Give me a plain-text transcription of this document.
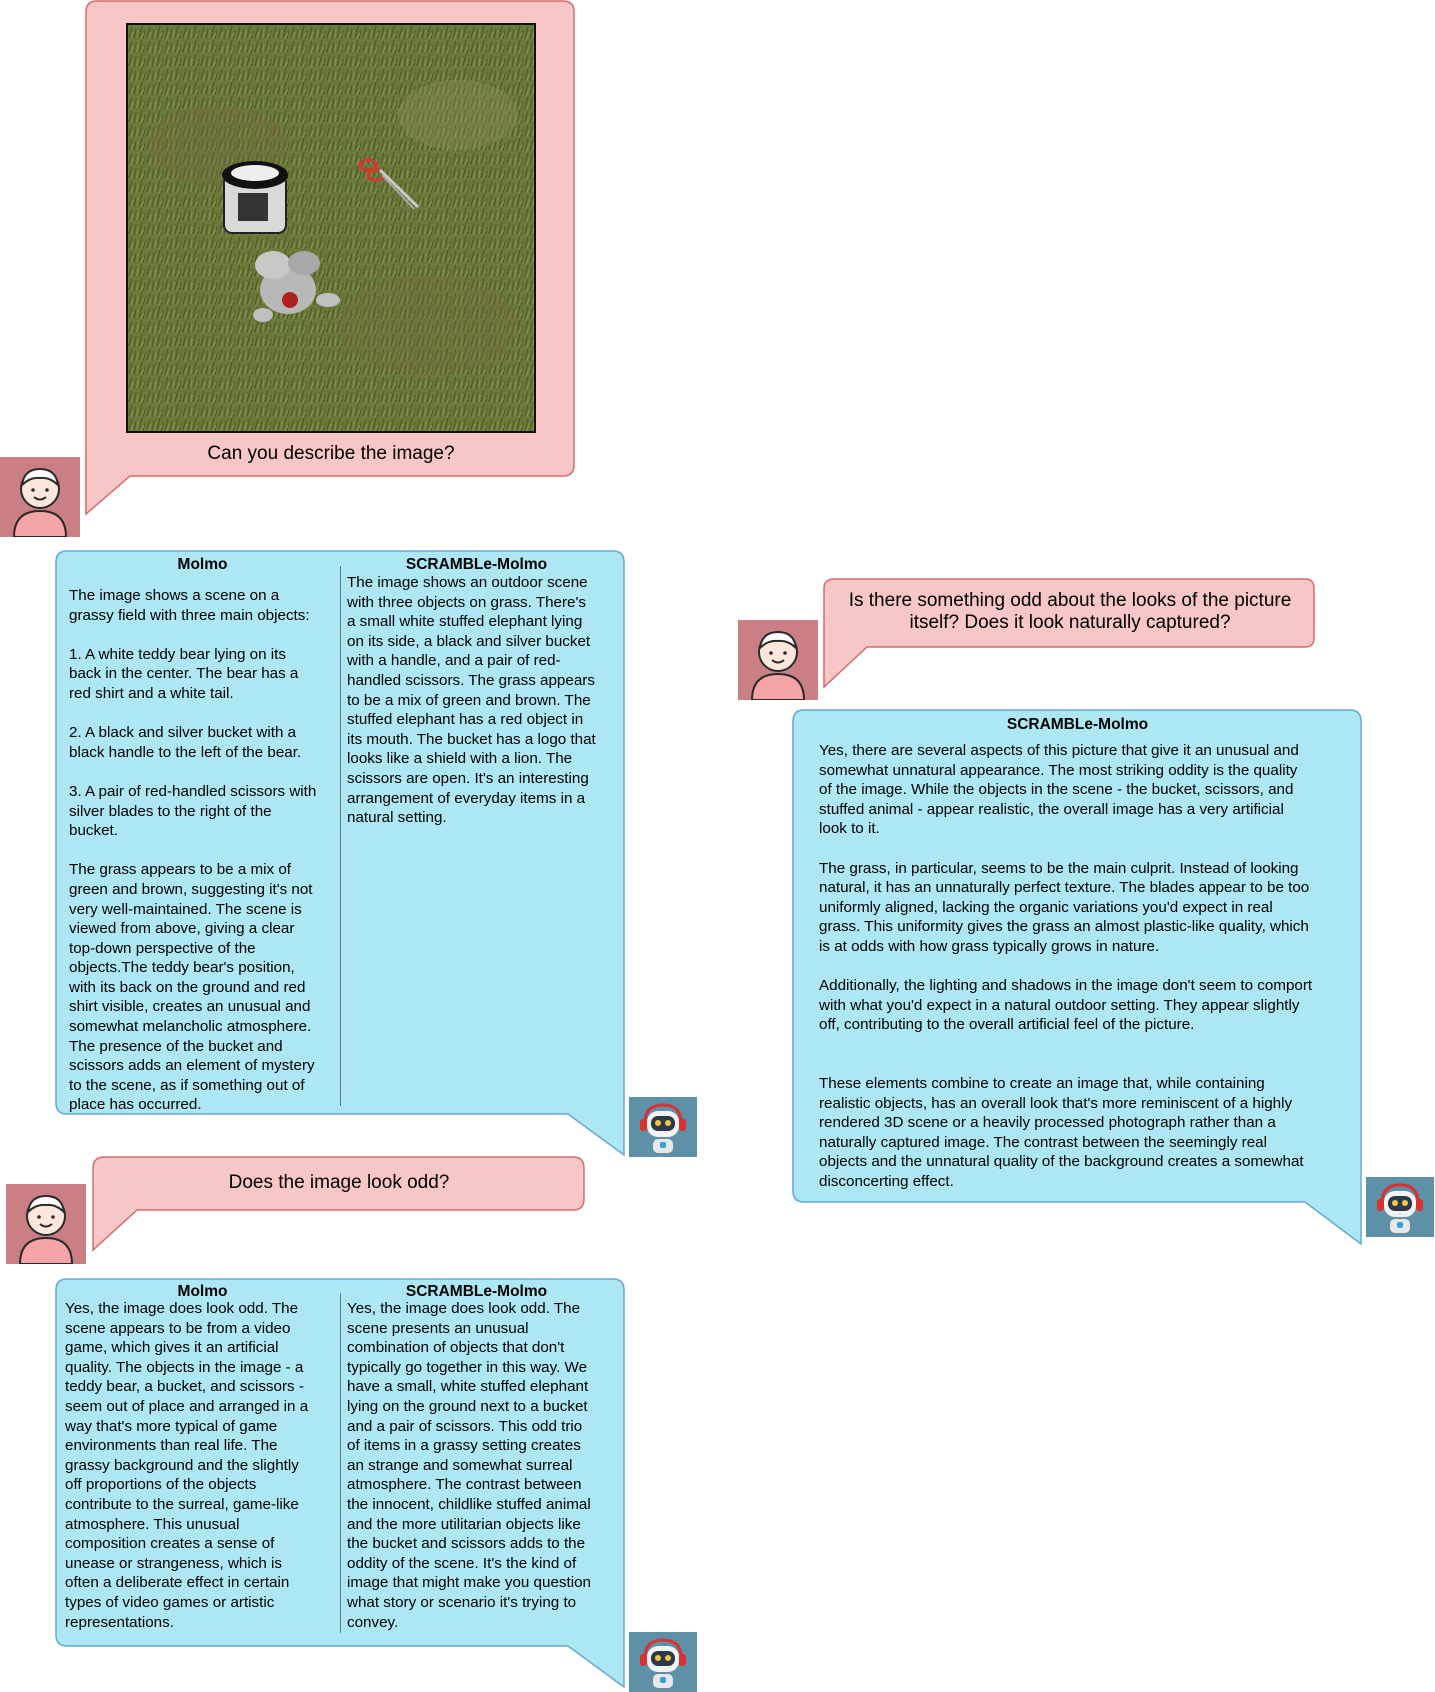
Can you describe the image?
Molmo	SCRAMBLe-Molmo
The image shows a scene on a
grassy field with three main objects:

1. A white teddy bear lying on its
back in the center. The bear has a
red shirt and a white tail.

2. A black and silver bucket with a
black handle to the left of the bear.

3. A pair of red-handled scissors with
silver blades to the right of the
bucket.

The grass appears to be a mix of
green and brown, suggesting it's not
very well-maintained. The scene is
viewed from above, giving a clear
top-down perspective of the
objects.The teddy bear's position,
with its back on the ground and red
shirt visible, creates an unusual and
somewhat melancholic atmosphere.
The presence of the bucket and
scissors adds an element of mystery
to the scene, as if something out of
place has occurred.
The image shows an outdoor scene
with three objects on grass. There's
a small white stuffed elephant lying
on its side, a black and silver bucket
with a handle, and a pair of red-
handled scissors. The grass appears
to be a mix of green and brown. The
stuffed elephant has a red object in
its mouth. The bucket has a logo that
looks like a shield with a lion. The
scissors are open. It's an interesting
arrangement of everyday items in a
natural setting.
Does the image look odd?
Molmo	SCRAMBLe-Molmo
Yes, the image does look odd. The
scene appears to be from a video
game, which gives it an artificial
quality. The objects in the image - a
teddy bear, a bucket, and scissors -
seem out of place and arranged in a
way that's more typical of game
environments than real life. The
grassy background and the slightly
off proportions of the objects
contribute to the surreal, game-like
atmosphere. This unusual
composition creates a sense of
unease or strangeness, which is
often a deliberate effect in certain
types of video games or artistic
representations.
Yes, the image does look odd. The
scene presents an unusual
combination of objects that don't
typically go together in this way. We
have a small, white stuffed elephant
lying on the ground next to a bucket
and a pair of scissors. This odd trio
of items in a grassy setting creates
an strange and somewhat surreal
atmosphere. The contrast between
the innocent, childlike stuffed animal
and the more utilitarian objects like
the bucket and scissors adds to the
oddity of the scene. It's the kind of
image that might make you question
what story or scenario it's trying to
convey.
Is there something odd about the looks of the picture
itself? Does it look naturally captured?
SCRAMBLe-Molmo
Yes, there are several aspects of this picture that give it an unusual and
somewhat unnatural appearance. The most striking oddity is the quality
of the image. While the objects in the scene - the bucket, scissors, and
stuffed animal - appear realistic, the overall image has a very artificial
look to it.

The grass, in particular, seems to be the main culprit. Instead of looking
natural, it has an unnaturally perfect texture. The blades appear to be too
uniformly aligned, lacking the organic variations you'd expect in real
grass. This uniformity gives the grass an almost plastic-like quality, which
is at odds with how grass typically grows in nature.

Additionally, the lighting and shadows in the image don't seem to comport
with what you'd expect in a natural outdoor setting. They appear slightly
off, contributing to the overall artificial feel of the picture.

These elements combine to create an image that, while containing
realistic objects, has an overall look that's more reminiscent of a highly
rendered 3D scene or a heavily processed photograph rather than a
naturally captured image. The contrast between the seemingly real
objects and the unnatural quality of the background creates a somewhat
disconcerting effect.
